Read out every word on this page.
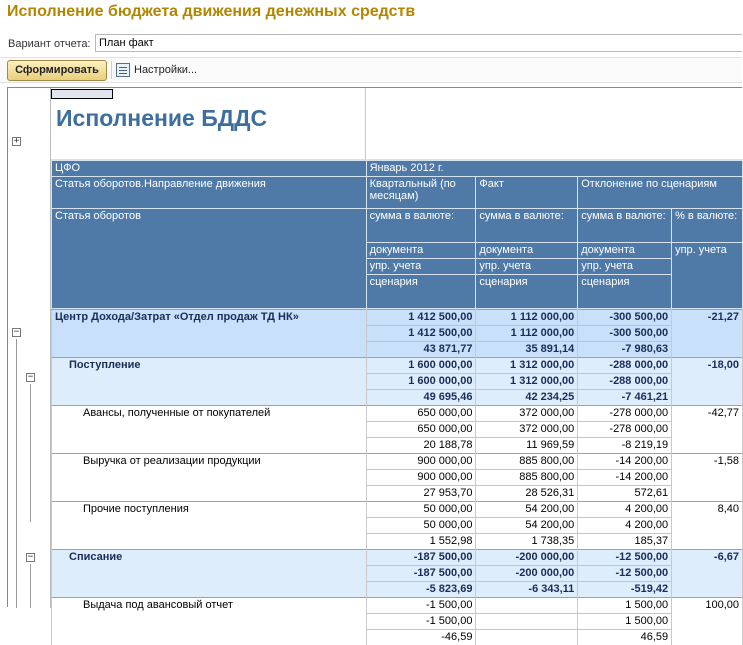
Исполнение бюджета движения денежных средств
Вариант отчета: План факт
Сформировать	Настройки...
+
−
−
−
Исполнение БДДС
ЦФО	Январь 2012 г.			
Статья оборотов.Направление движения	Квартальный (по месяцам)	Факт	Отклонение по сценариям	
Статья оборотов	сумма в валюте:	сумма в валюте:	сумма в валюте:	% в валюте:
	документа	документа	документа	упр. учета
	упр. учета	упр. учета	упр. учета	
	сценария	сценария	сценария	
Центр Дохода/Затрат «Отдел продаж ТД НК»	1 412 500,00	1 112 000,00	-300 500,00	-21,27
	1 412 500,00	1 112 000,00	-300 500,00	
	43 871,77	35 891,14	-7 980,63	
Поступление	1 600 000,00	1 312 000,00	-288 000,00	-18,00
	1 600 000,00	1 312 000,00	-288 000,00	
	49 695,46	42 234,25	-7 461,21	
Авансы, полученные от покупателей	650 000,00	372 000,00	-278 000,00	-42,77
	650 000,00	372 000,00	-278 000,00	
	20 188,78	11 969,59	-8 219,19	
Выручка от реализации продукции	900 000,00	885 800,00	-14 200,00	-1,58
	900 000,00	885 800,00	-14 200,00	
	27 953,70	28 526,31	572,61	
Прочие поступления	50 000,00	54 200,00	4 200,00	8,40
	50 000,00	54 200,00	4 200,00	
	1 552,98	1 738,35	185,37	
Списание	-187 500,00	-200 000,00	-12 500,00	-6,67
	-187 500,00	-200 000,00	-12 500,00	
	-5 823,69	-6 343,11	-519,42	
Выдача под авансовый отчет	-1 500,00		1 500,00	100,00
	-1 500,00		1 500,00	
	-46,59		46,59	
